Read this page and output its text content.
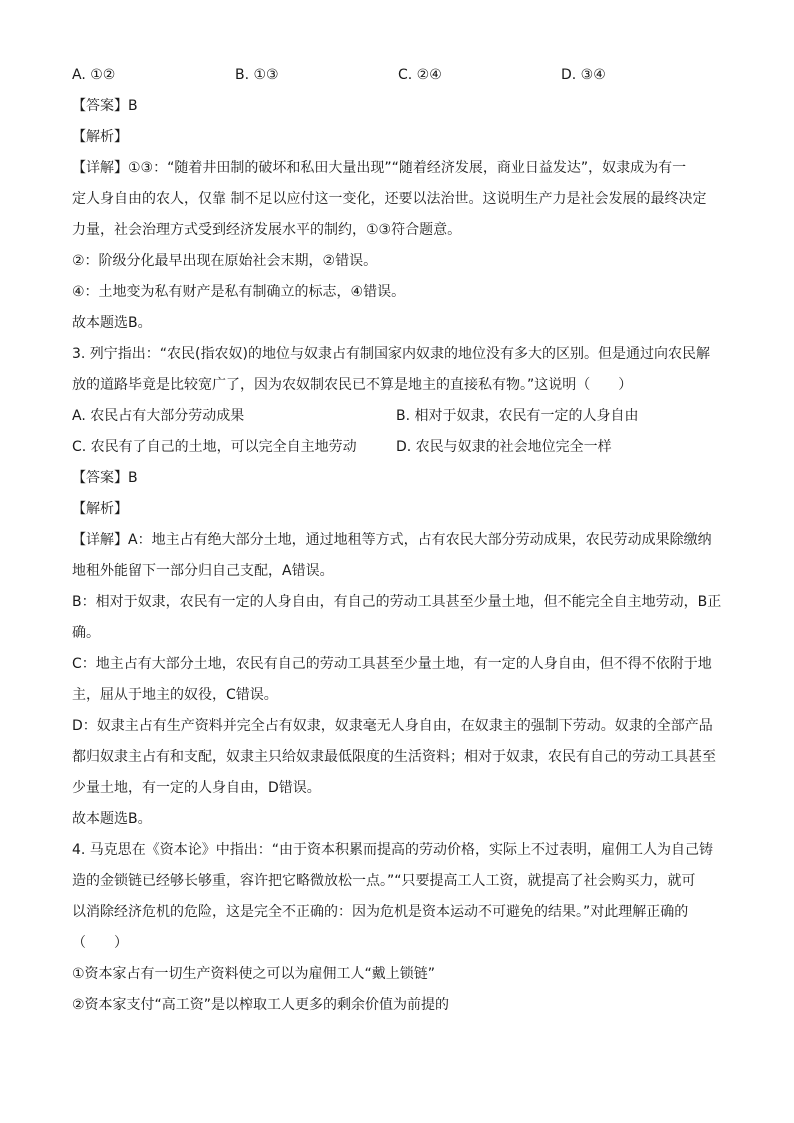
A. ①②	B. ①③	C. ②④	D. ③④
【答案】B
【解析】
【详解】①③：“随着井田制的破坏和私田大量出现”“随着经济发展，商业日益发达”，奴隶成为有一
定人身自由的农人，仅靠 制不足以应付这一变化，还要以法治世。这说明生产力是社会发展的最终决定
力量，社会治理方式受到经济发展水平的制约，①③符合题意。
②：阶级分化最早出现在原始社会末期，②错误。
④：土地变为私有财产是私有制确立的标志，④错误。
故本题选B。
3. 列宁指出：“农民(指农奴)的地位与奴隶占有制国家内奴隶的地位没有多大的区别。但是通过向农民解
放的道路毕竟是比较宽广了，因为农奴制农民已不算是地主的直接私有物。”这说明（　　）
A. 农民占有大部分劳动成果	B. 相对于奴隶，农民有一定的人身自由
C. 农民有了自己的土地，可以完全自主地劳动	D. 农民与奴隶的社会地位完全一样
【答案】B
【解析】
【详解】A：地主占有绝大部分土地，通过地租等方式，占有农民大部分劳动成果，农民劳动成果除缴纳
地租外能留下一部分归自己支配，A错误。
B：相对于奴隶，农民有一定的人身自由，有自己的劳动工具甚至少量土地，但不能完全自主地劳动，B正
确。
C：地主占有大部分土地，农民有自己的劳动工具甚至少量土地，有一定的人身自由，但不得不依附于地
主，屈从于地主的奴役，C错误。
D：奴隶主占有生产资料并完全占有奴隶，奴隶毫无人身自由，在奴隶主的强制下劳动。奴隶的全部产品
都归奴隶主占有和支配，奴隶主只给奴隶最低限度的生活资料；相对于奴隶，农民有自己的劳动工具甚至
少量土地，有一定的人身自由，D错误。
故本题选B。
4. 马克思在《资本论》中指出：“由于资本积累而提高的劳动价格，实际上不过表明，雇佣工人为自己铸
造的金锁链已经够长够重，容许把它略微放松一点。”“只要提高工人工资，就提高了社会购买力，就可
以消除经济危机的危险，这是完全不正确的：因为危机是资本运动不可避免的结果。”对此理解正确的
（　　）
①资本家占有一切生产资料使之可以为雇佣工人“戴上锁链”
②资本家支付“高工资”是以榨取工人更多的剩余价值为前提的
